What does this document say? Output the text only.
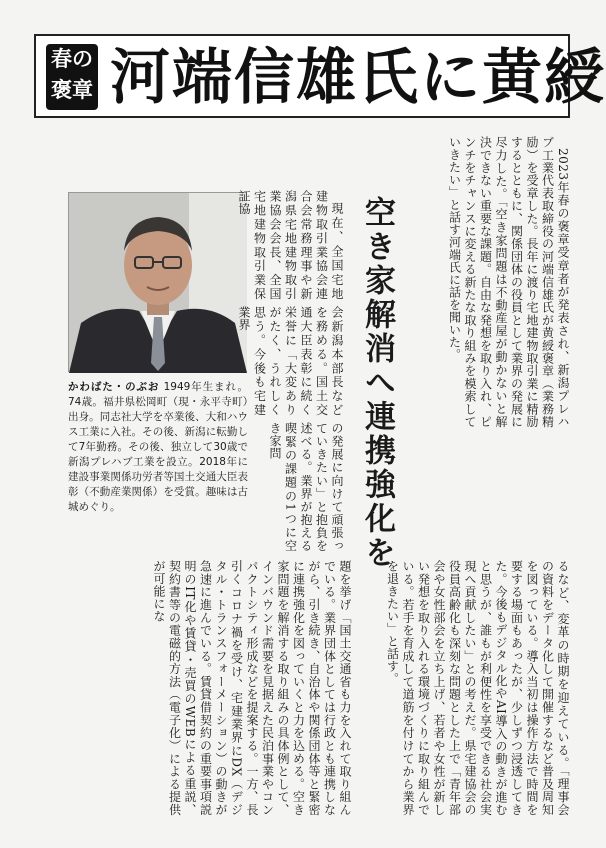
春の
褒章 河端信雄氏に黄綬

2023年春の褒章受章者が発表され、新潟プレハブ工業代表取締役の河端信雄氏が黄綬褒章（業務精励）を受章した。長年に渡り宅地建物取引業に精励するとともに、関係団体の役員として業界の発展に尽力した。「空き家問題は不動産屋が動かないと解決できない重要な課題。自由な発想を取り入れ、ピンチをチャンスに変える新たな取り組みを模索していきたい」と話す河端氏に話を聞いた。

空き家解消へ連携強化を
かわばた・のぶお 1949年生まれ。74歳。福井県松岡町（現・永平寺町）出身。同志社大学を卒業後、大和ハウス工業に入社。その後、新潟に転勤して7年勤務。その後、独立して30歳で新潟プレハブ工業を設立。2018年に建設事業関係功労者等国土交通大臣表彰（不動産業関係）を受賞。趣味は古城めぐり。

現在、全国宅地建物取引業協会連合会常務理事や新潟県宅地建物取引業協会会長、全国宅地建物取引業保証協

会新潟本部長などを務める。国土交通大臣表彰に続く栄誉に「大変ありがたく、うれしく思う。今後も宅建業界

の発展に向けて頑張っていきたい」と抱負を述べる。業界が抱える喫緊の課題の1つに空き家問

題を挙げ「国土交通省も力を入れて取り組んでいる。業界団体としては行政とも連携しながら、引き続き、自治体や関係団体等と緊密に連携強化を図っていくと力を込める。空き家問題を解消する取り組みの具体例として、インバウンド需要を見据えた民泊事業やコンパクトシティ形成などを提案する。一方、長引くコロナ禍を受け、宅建業界にDX（デジタル・トランスフォーメーション）の動きが急速に進んでいる。賃貸借契約の重要事項説明のIT化や賃貸・売買のWEBによる重説、契約書等の電磁的方法（電子化）による提供が可能にな	るなど、変革の時期を迎えている。「理事会の資料をデータ化して開催するなど普及周知を図っている。導入当初は操作方法で時間を要する場面もあったが、少しずつ浸透してきた。今後もデジタル化やAI導入の動きが進むと思うが、誰もが利便性を享受できる社会実現へ貢献したい」との考えだ。県宅建協会の役員高齢化も深刻な問題とした上で「青年部会や女性部会を立ち上げ、若者や女性が新しい発想を取り入れる環境づくりに取り組んでいる。若手を育成して道筋を付けてから業界を退きたい」と話す。
